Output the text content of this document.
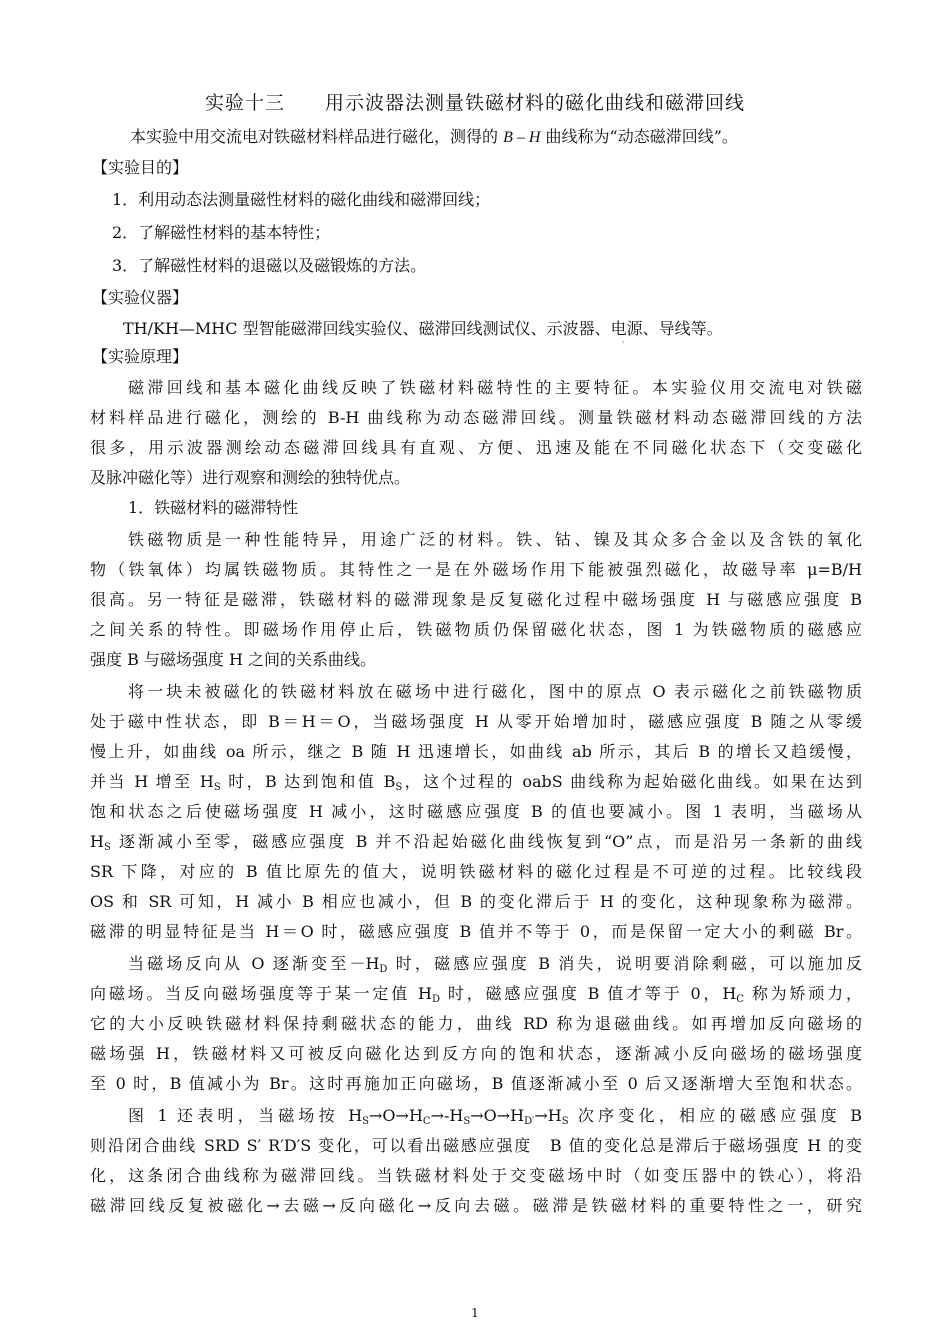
实验十三　　用示波器法测量铁磁材料的磁化曲线和磁滞回线
本实验中用交流电对铁磁材料样品进行磁化，测得的 B – H 曲线称为“动态磁滞回线”。
【实验目的】
1．利用动态法测量磁性材料的磁化曲线和磁滞回线；
2．了解磁性材料的基本特性；
3．了解磁性材料的退磁以及磁锻炼的方法。
【实验仪器】
TH/KH—MHC 型智能磁滞回线实验仪、磁滞回线测试仪、示波器、电源、导线等。
'
【实验原理】
磁滞回线和基本磁化曲线反映了铁磁材料磁特性的主要特征。本实验仪用交流电对铁磁
材料样品进行磁化，测绘的 B-H 曲线称为动态磁滞回线。测量铁磁材料动态磁滞回线的方法
很多，用示波器测绘动态磁滞回线具有直观、方便、迅速及能在不同磁化状态下（交变磁化
及脉冲磁化等）进行观察和测绘的独特优点。
1．铁磁材料的磁滞特性
铁磁物质是一种性能特异，用途广泛的材料。铁、钴、镍及其众多合金以及含铁的氧化
物（铁氧体）均属铁磁物质。其特性之一是在外磁场作用下能被强烈磁化，故磁导率 μ=B/H
很高。另一特征是磁滞，铁磁材料的磁滞现象是反复磁化过程中磁场强度 H 与磁感应强度 B
之间关系的特性。即磁场作用停止后，铁磁物质仍保留磁化状态，图 1 为铁磁物质的磁感应
强度 B 与磁场强度 H 之间的关系曲线。
将一块未被磁化的铁磁材料放在磁场中进行磁化，图中的原点 O 表示磁化之前铁磁物质
处于磁中性状态，即 B＝H＝O，当磁场强度 H 从零开始增加时，磁感应强度 B 随之从零缓
慢上升，如曲线 oa 所示，继之 B 随 H 迅速增长，如曲线 ab 所示，其后 B 的增长又趋缓慢，
并当 H 增至 $H_S$ 时，B 达到饱和值 $B_S$，这个过程的 oabS 曲线称为起始磁化曲线。如果在达到
饱和状态之后使磁场强度 H 减小，这时磁感应强度 B 的值也要减小。图 1 表明，当磁场从
$H_S$ 逐渐减小至零，磁感应强度 B 并不沿起始磁化曲线恢复到“O”点，而是沿另一条新的曲线
SR 下降，对应的 B 值比原先的值大，说明铁磁材料的磁化过程是不可逆的过程。比较线段
OS 和 SR 可知，H 减小 B 相应也减小，但 B 的变化滞后于 H 的变化，这种现象称为磁滞。
磁滞的明显特征是当 H＝O 时，磁感应强度 B 值并不等于 0，而是保留一定大小的剩磁 Br。
当磁场反向从 O 逐渐变至$-H_D$ 时，磁感应强度 B 消失，说明要消除剩磁，可以施加反
向磁场。当反向磁场强度等于某一定值 $H_D$ 时，磁感应强度 B 值才等于 0，$H_C$ 称为矫顽力，
它的大小反映铁磁材料保持剩磁状态的能力，曲线 RD 称为退磁曲线。如再增加反向磁场的
磁场强 H，铁磁材料又可被反向磁化达到反方向的饱和状态，逐渐减小反向磁场的磁场强度
至 0 时，B 值减小为 Br。这时再施加正向磁场，B 值逐渐减小至 0 后又逐渐增大至饱和状态。
图 1 还表明，当磁场按 $H_S\to O\to H_C\to-H_S\to O\to H_{D'}\to H_S$ 次序变化，相应的磁感应强度 B
则沿闭合曲线 SRD S′ R′D′S 变化，可以看出磁感应强度　B 值的变化总是滞后于磁场强度 H 的变
化，这条闭合曲线称为磁滞回线。当铁磁材料处于交变磁场中时（如变压器中的铁心），将沿
磁滞回线反复被磁化→去磁→反向磁化→反向去磁。磁滞是铁磁材料的重要特性之一，研究
1
